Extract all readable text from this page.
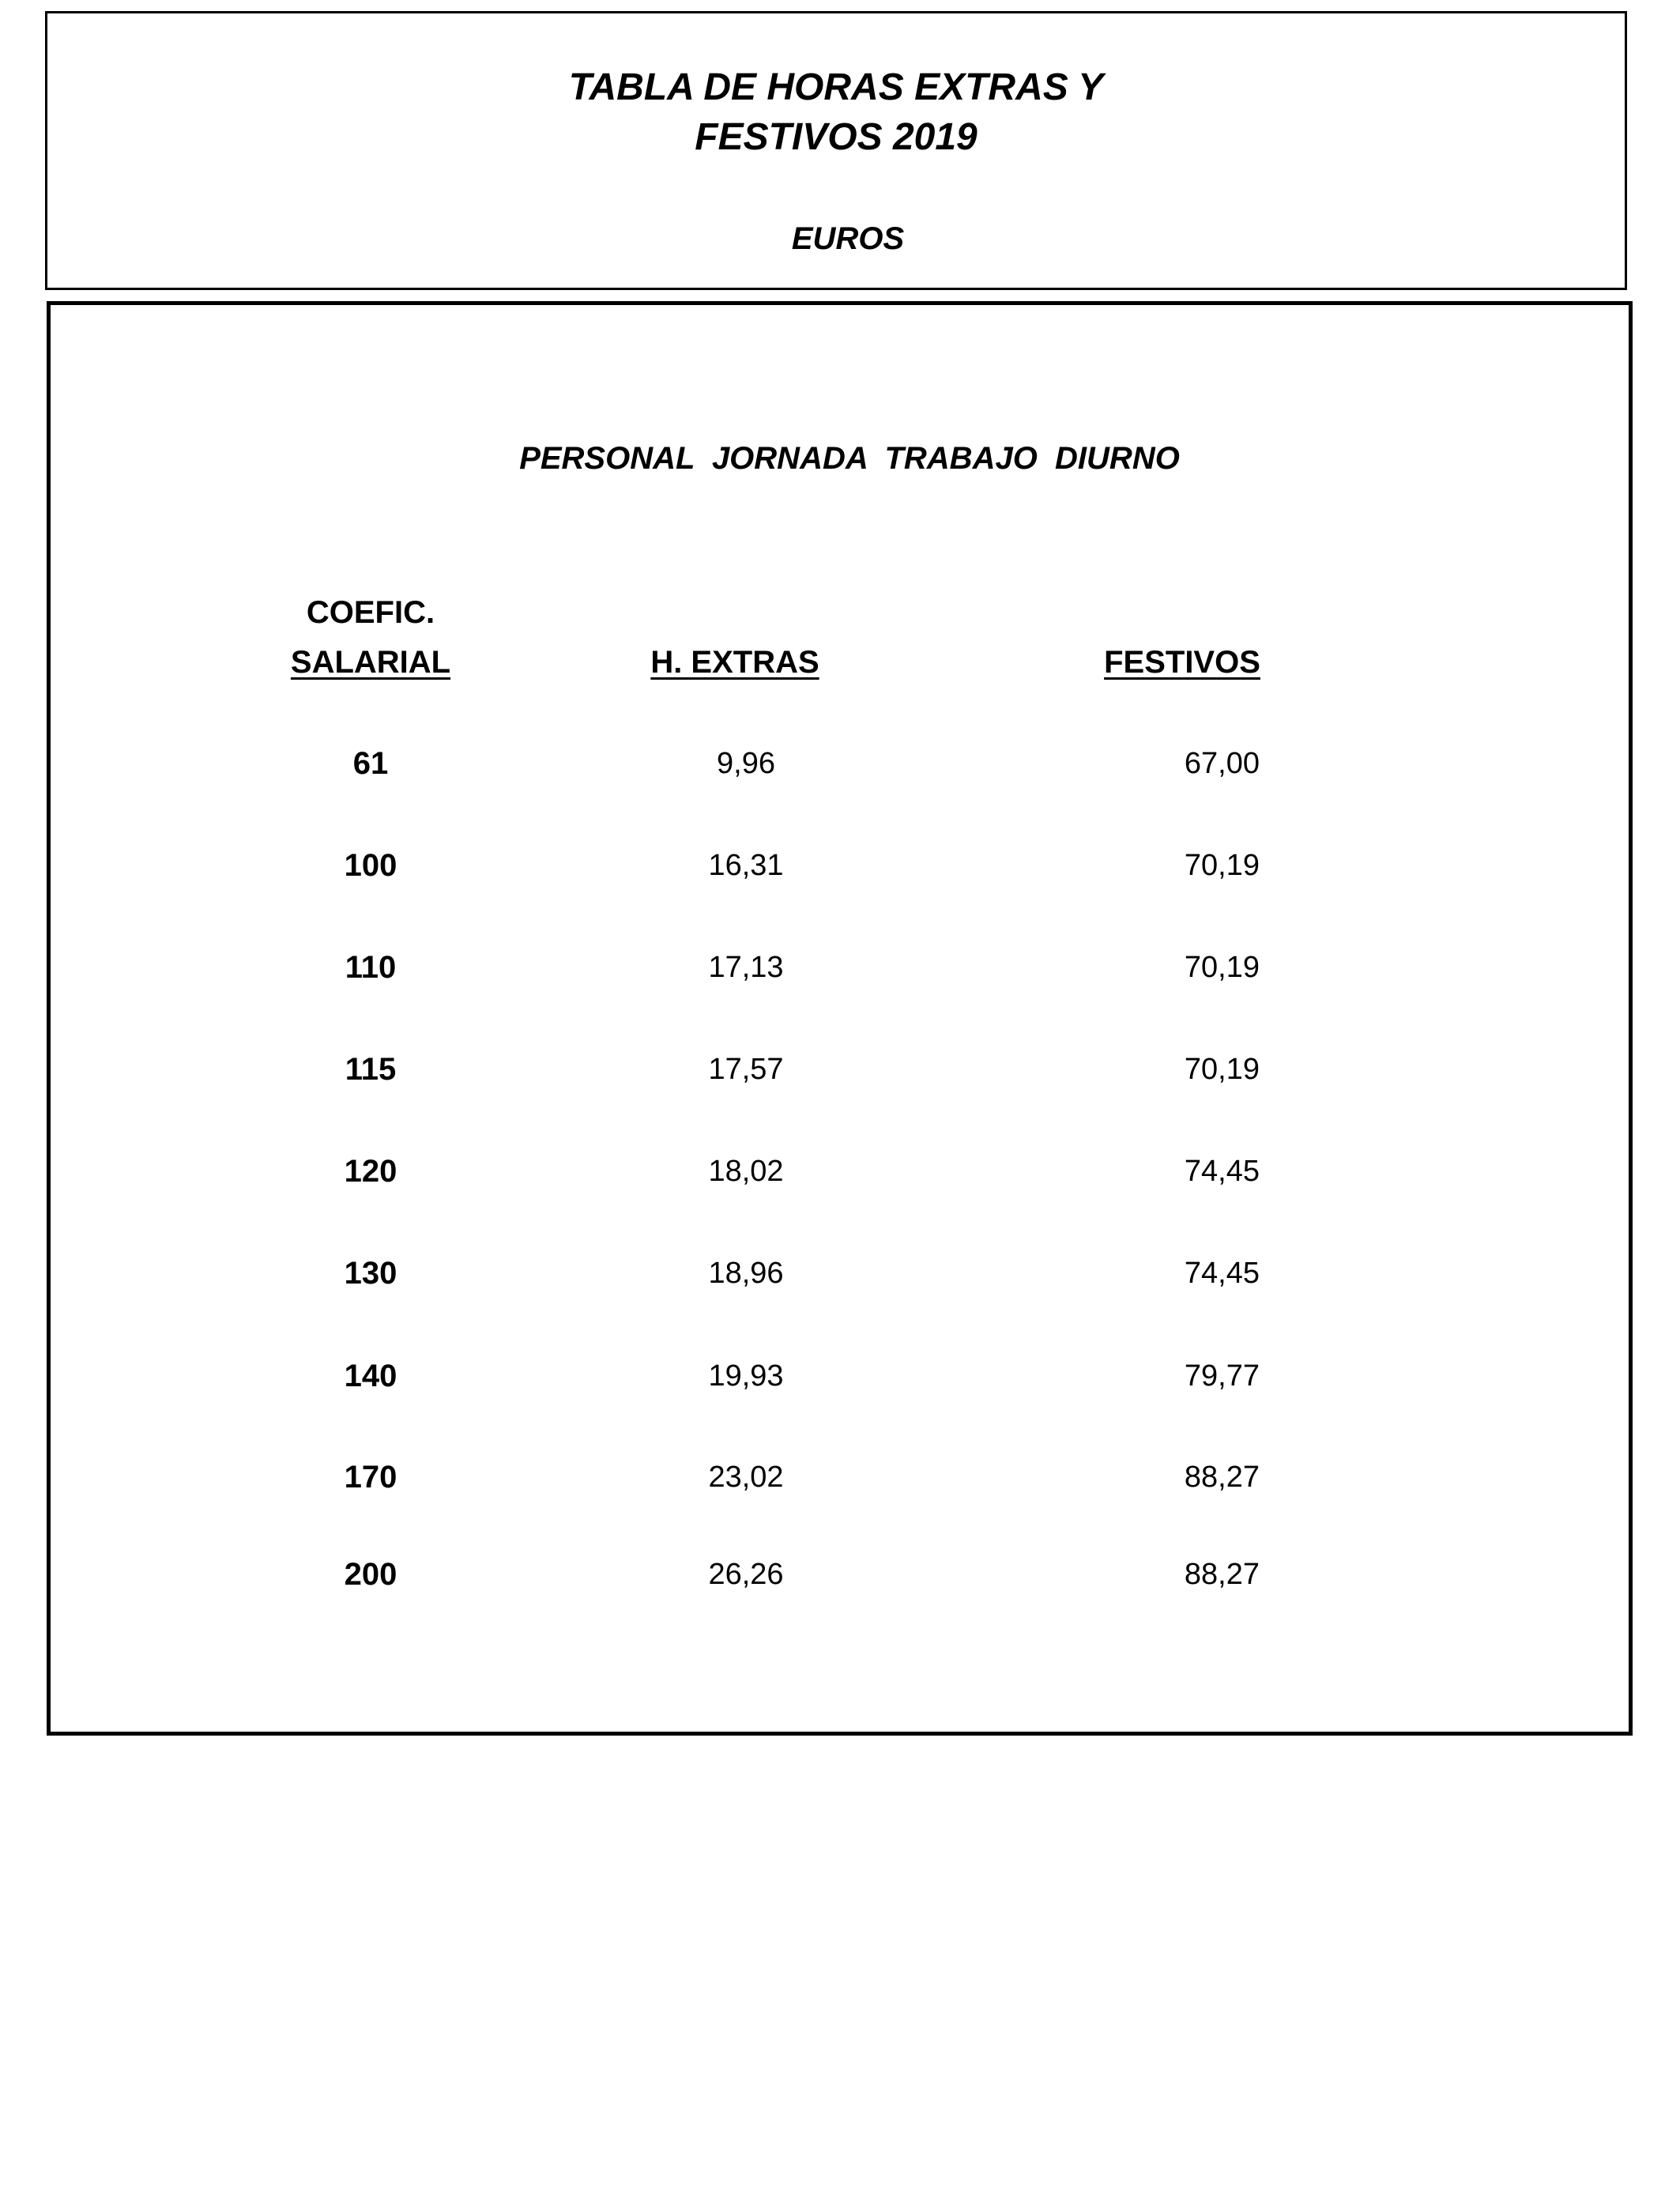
TABLA DE HORAS EXTRAS Y
FESTIVOS 2019
EUROS
PERSONAL  JORNADA  TRABAJO  DIURNO
COEFIC.
SALARIAL	H. EXTRAS	FESTIVOS
61	9,96	67,00
100	16,31	70,19
110	17,13	70,19
115	17,57	70,19
120	18,02	74,45
130	18,96	74,45
140	19,93	79,77
170	23,02	88,27
200	26,26	88,27
